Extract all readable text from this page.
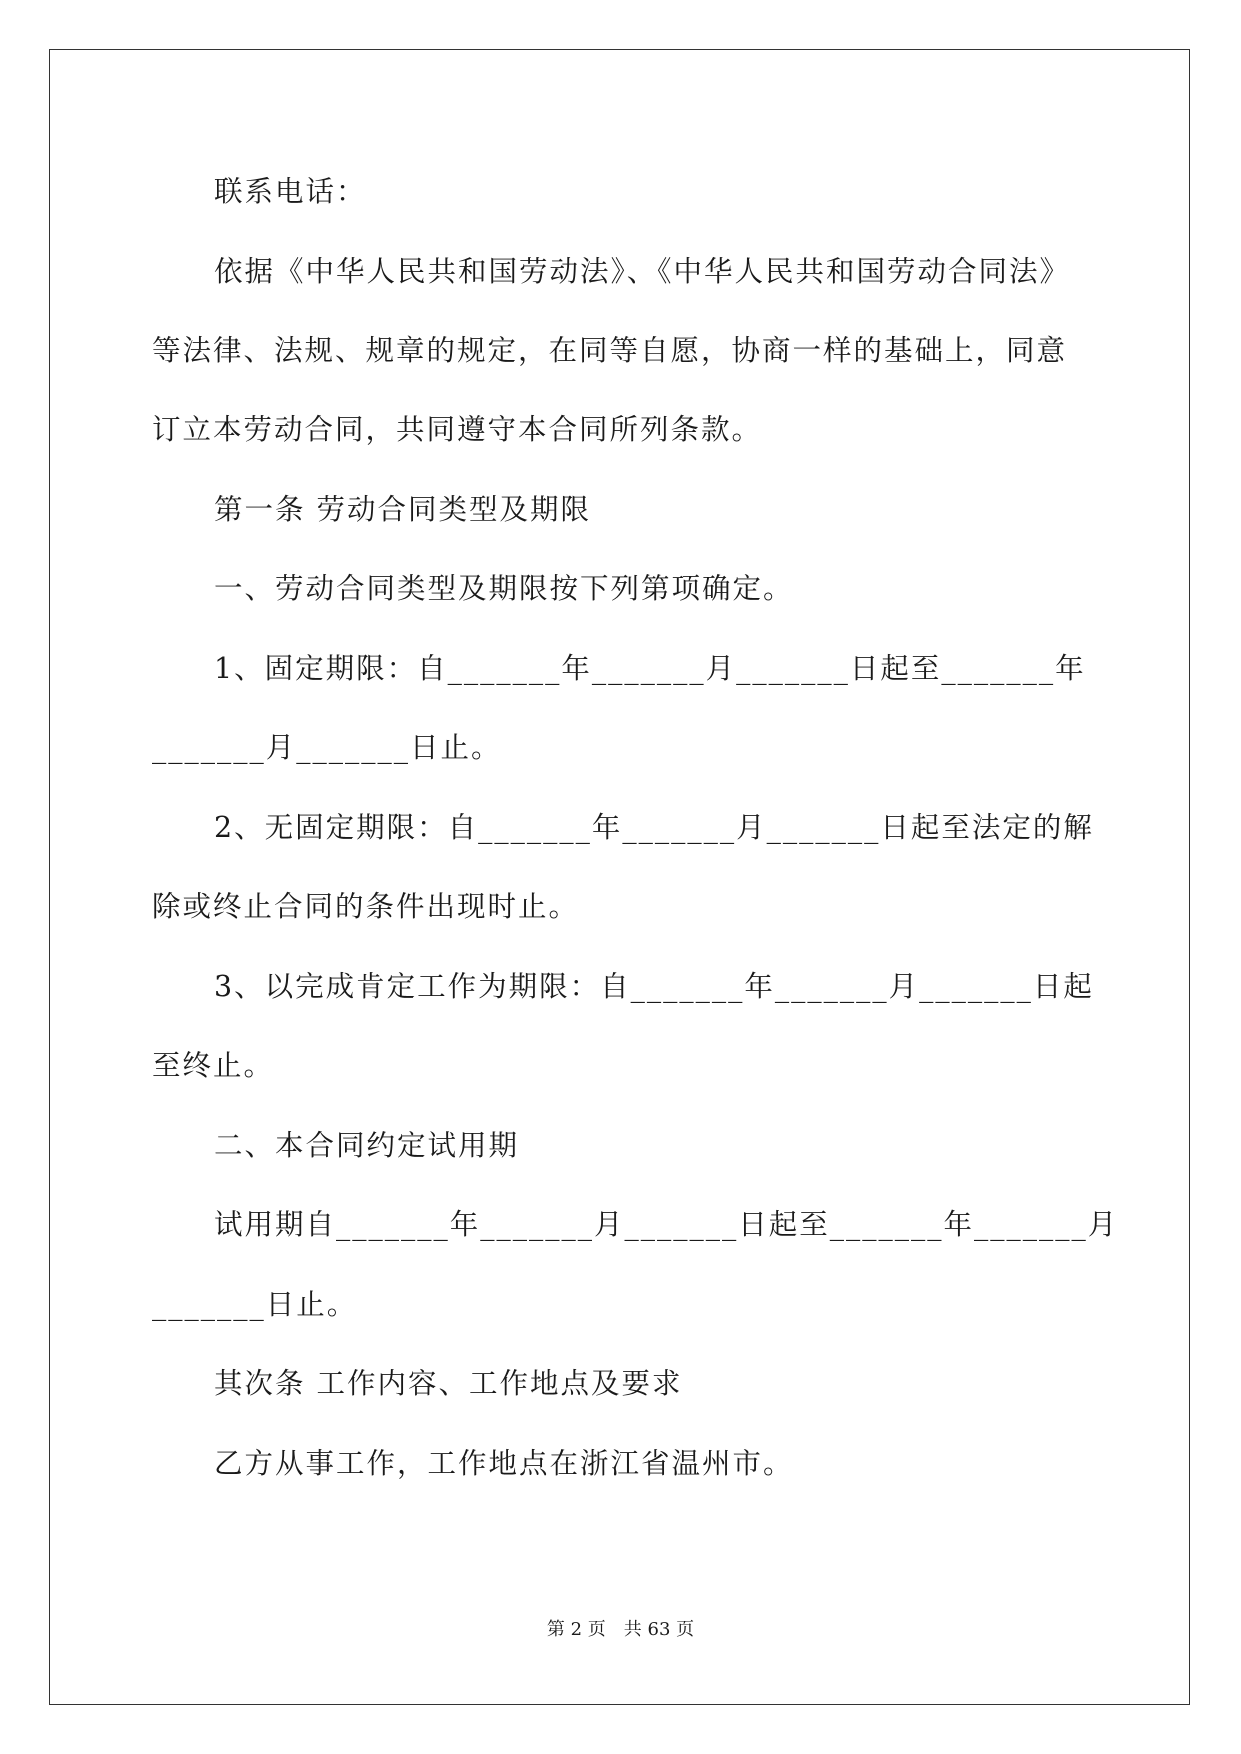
联系电话：
依据《中华人民共和国劳动法》、《中华人民共和国劳动合同法》
等法律、法规、规章的规定，在同等自愿，协商一样的基础上，同意
订立本劳动合同，共同遵守本合同所列条款。
第一条 劳动合同类型及期限
一、劳动合同类型及期限按下列第项确定。
1、固定期限：自_______年_______月_______日起至_______年
_______月_______日止。
2、无固定期限：自_______年_______月_______日起至法定的解
除或终止合同的条件出现时止。
3、以完成肯定工作为期限：自_______年_______月_______日起
至终止。
二、本合同约定试用期
试用期自_______年_______月_______日起至_______年_______月
_______日止。
其次条 工作内容、工作地点及要求
乙方从事工作，工作地点在浙江省温州市。
第 2 页　共 63 页
